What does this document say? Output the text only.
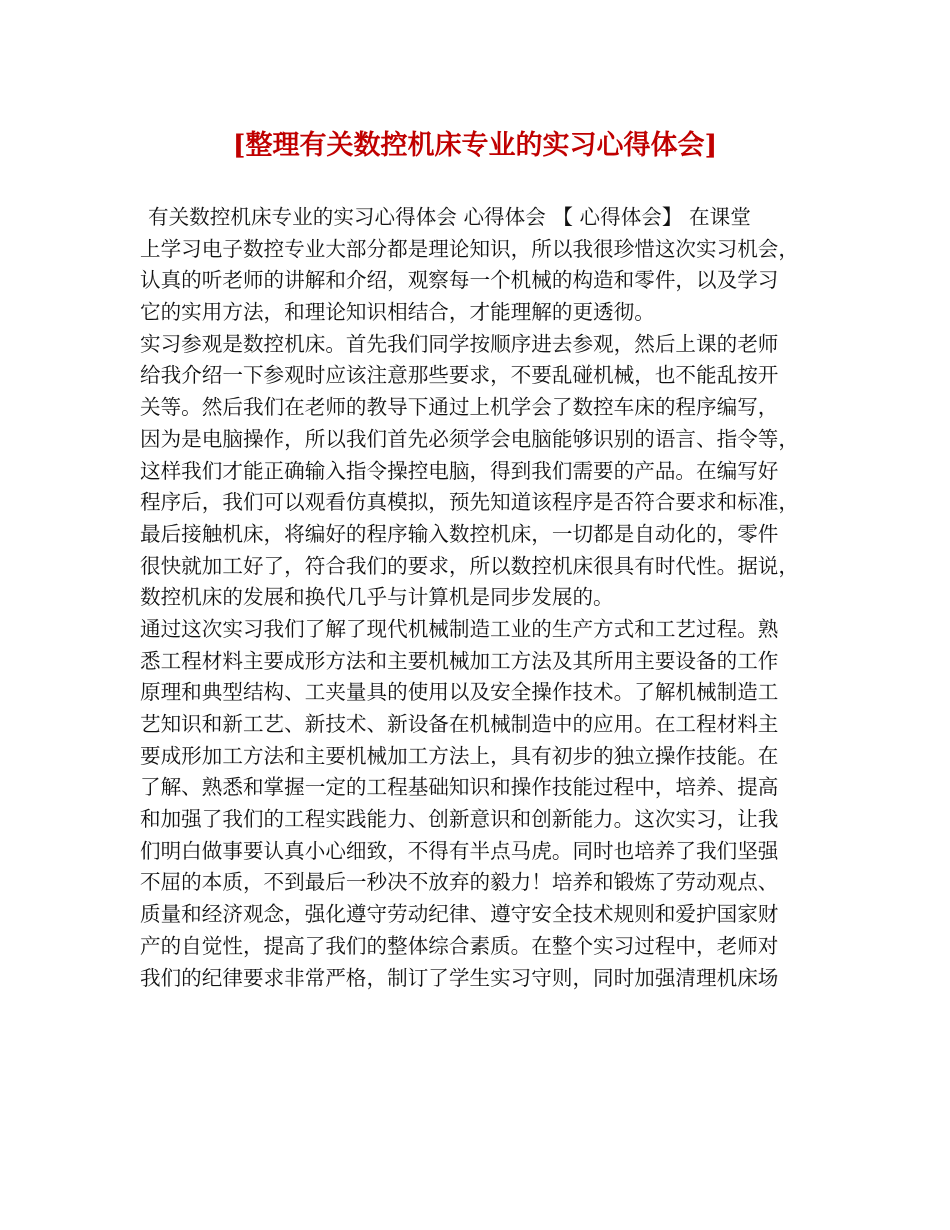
[整理有关数控机床专业的实习心得体会]
有关数控机床专业的实习心得体会 心得体会 【 心得体会】 在课堂
上学习电子数控专业大部分都是理论知识，所以我很珍惜这次实习机会，
认真的听老师的讲解和介绍，观察每一个机械的构造和零件，以及学习
它的实用方法，和理论知识相结合，才能理解的更透彻。
实习参观是数控机床。首先我们同学按顺序进去参观，然后上课的老师
给我介绍一下参观时应该注意那些要求，不要乱碰机械，也不能乱按开
关等。然后我们在老师的教导下通过上机学会了数控车床的程序编写，
因为是电脑操作，所以我们首先必须学会电脑能够识别的语言、指令等，
这样我们才能正确输入指令操控电脑，得到我们需要的产品。在编写好
程序后，我们可以观看仿真模拟，预先知道该程序是否符合要求和标准，
最后接触机床，将编好的程序输入数控机床，一切都是自动化的，零件
很快就加工好了，符合我们的要求，所以数控机床很具有时代性。据说，
数控机床的发展和换代几乎与计算机是同步发展的。
通过这次实习我们了解了现代机械制造工业的生产方式和工艺过程。熟
悉工程材料主要成形方法和主要机械加工方法及其所用主要设备的工作
原理和典型结构、工夹量具的使用以及安全操作技术。了解机械制造工
艺知识和新工艺、新技术、新设备在机械制造中的应用。在工程材料主
要成形加工方法和主要机械加工方法上，具有初步的独立操作技能。在
了解、熟悉和掌握一定的工程基础知识和操作技能过程中，培养、提高
和加强了我们的工程实践能力、创新意识和创新能力。这次实习，让我
们明白做事要认真小心细致，不得有半点马虎。同时也培养了我们坚强
不屈的本质，不到最后一秒决不放弃的毅力！培养和锻炼了劳动观点、
质量和经济观念，强化遵守劳动纪律、遵守安全技术规则和爱护国家财
产的自觉性，提高了我们的整体综合素质。在整个实习过程中，老师对
我们的纪律要求非常严格，制订了学生实习守则，同时加强清理机床场
